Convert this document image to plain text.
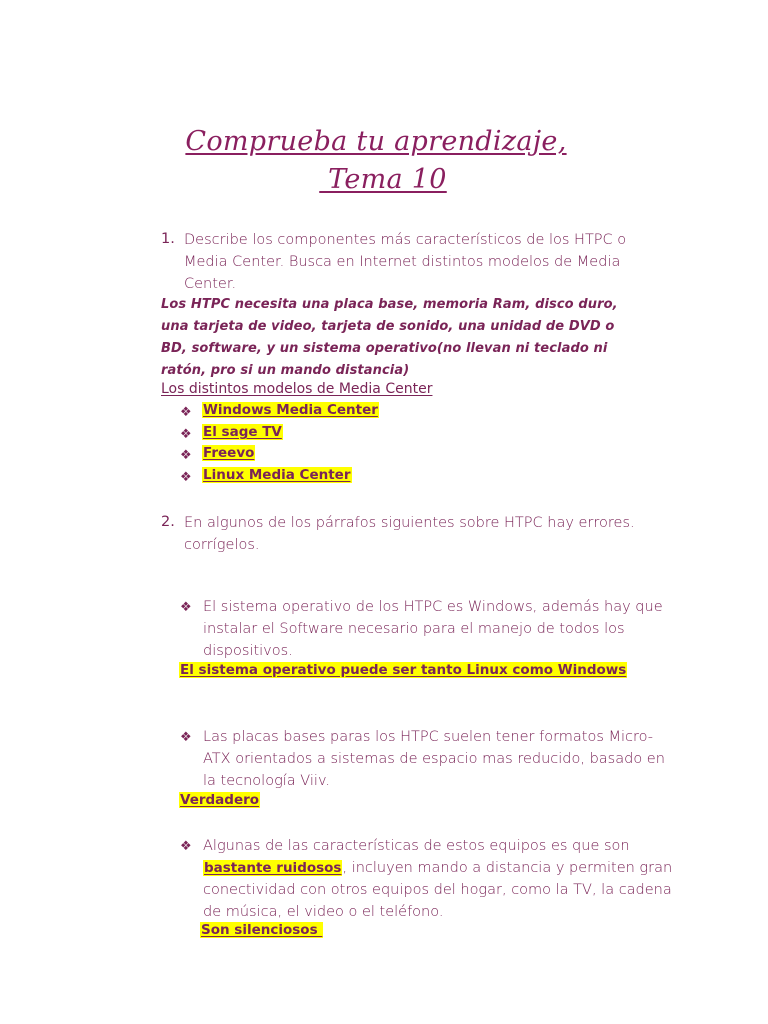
Comprueba tu aprendizaje,
Tema 10
1. Describe los componentes más característicos de los HTPC o
Media Center. Busca en Internet distintos modelos de Media
Center.
Los HTPC necesita una placa base, memoria Ram, disco duro,
una tarjeta de video, tarjeta de sonido, una unidad de DVD o
BD, software, y un sistema operativo(no llevan ni teclado ni
ratón, pro si un mando distancia)
Los distintos modelos de Media Center
❖ Windows Media Center
❖ El sage TV
❖ Freevo
❖ Linux Media Center
2. En algunos de los párrafos siguientes sobre HTPC hay errores.
corrígelos.
❖ El sistema operativo de los HTPC es Windows, además hay que
instalar el Software necesario para el manejo de todos los
dispositivos.
El sistema operativo puede ser tanto Linux como Windows
❖ Las placas bases paras los HTPC suelen tener formatos Micro-
ATX orientados a sistemas de espacio mas reducido, basado en
la tecnología Viiv.
Verdadero
❖ Algunas de las características de estos equipos es que son
bastante ruidosos, incluyen mando a distancia y permiten gran
conectividad con otros equipos del hogar, como la TV, la cadena
de música, el video o el teléfono.
Son silenciosos
